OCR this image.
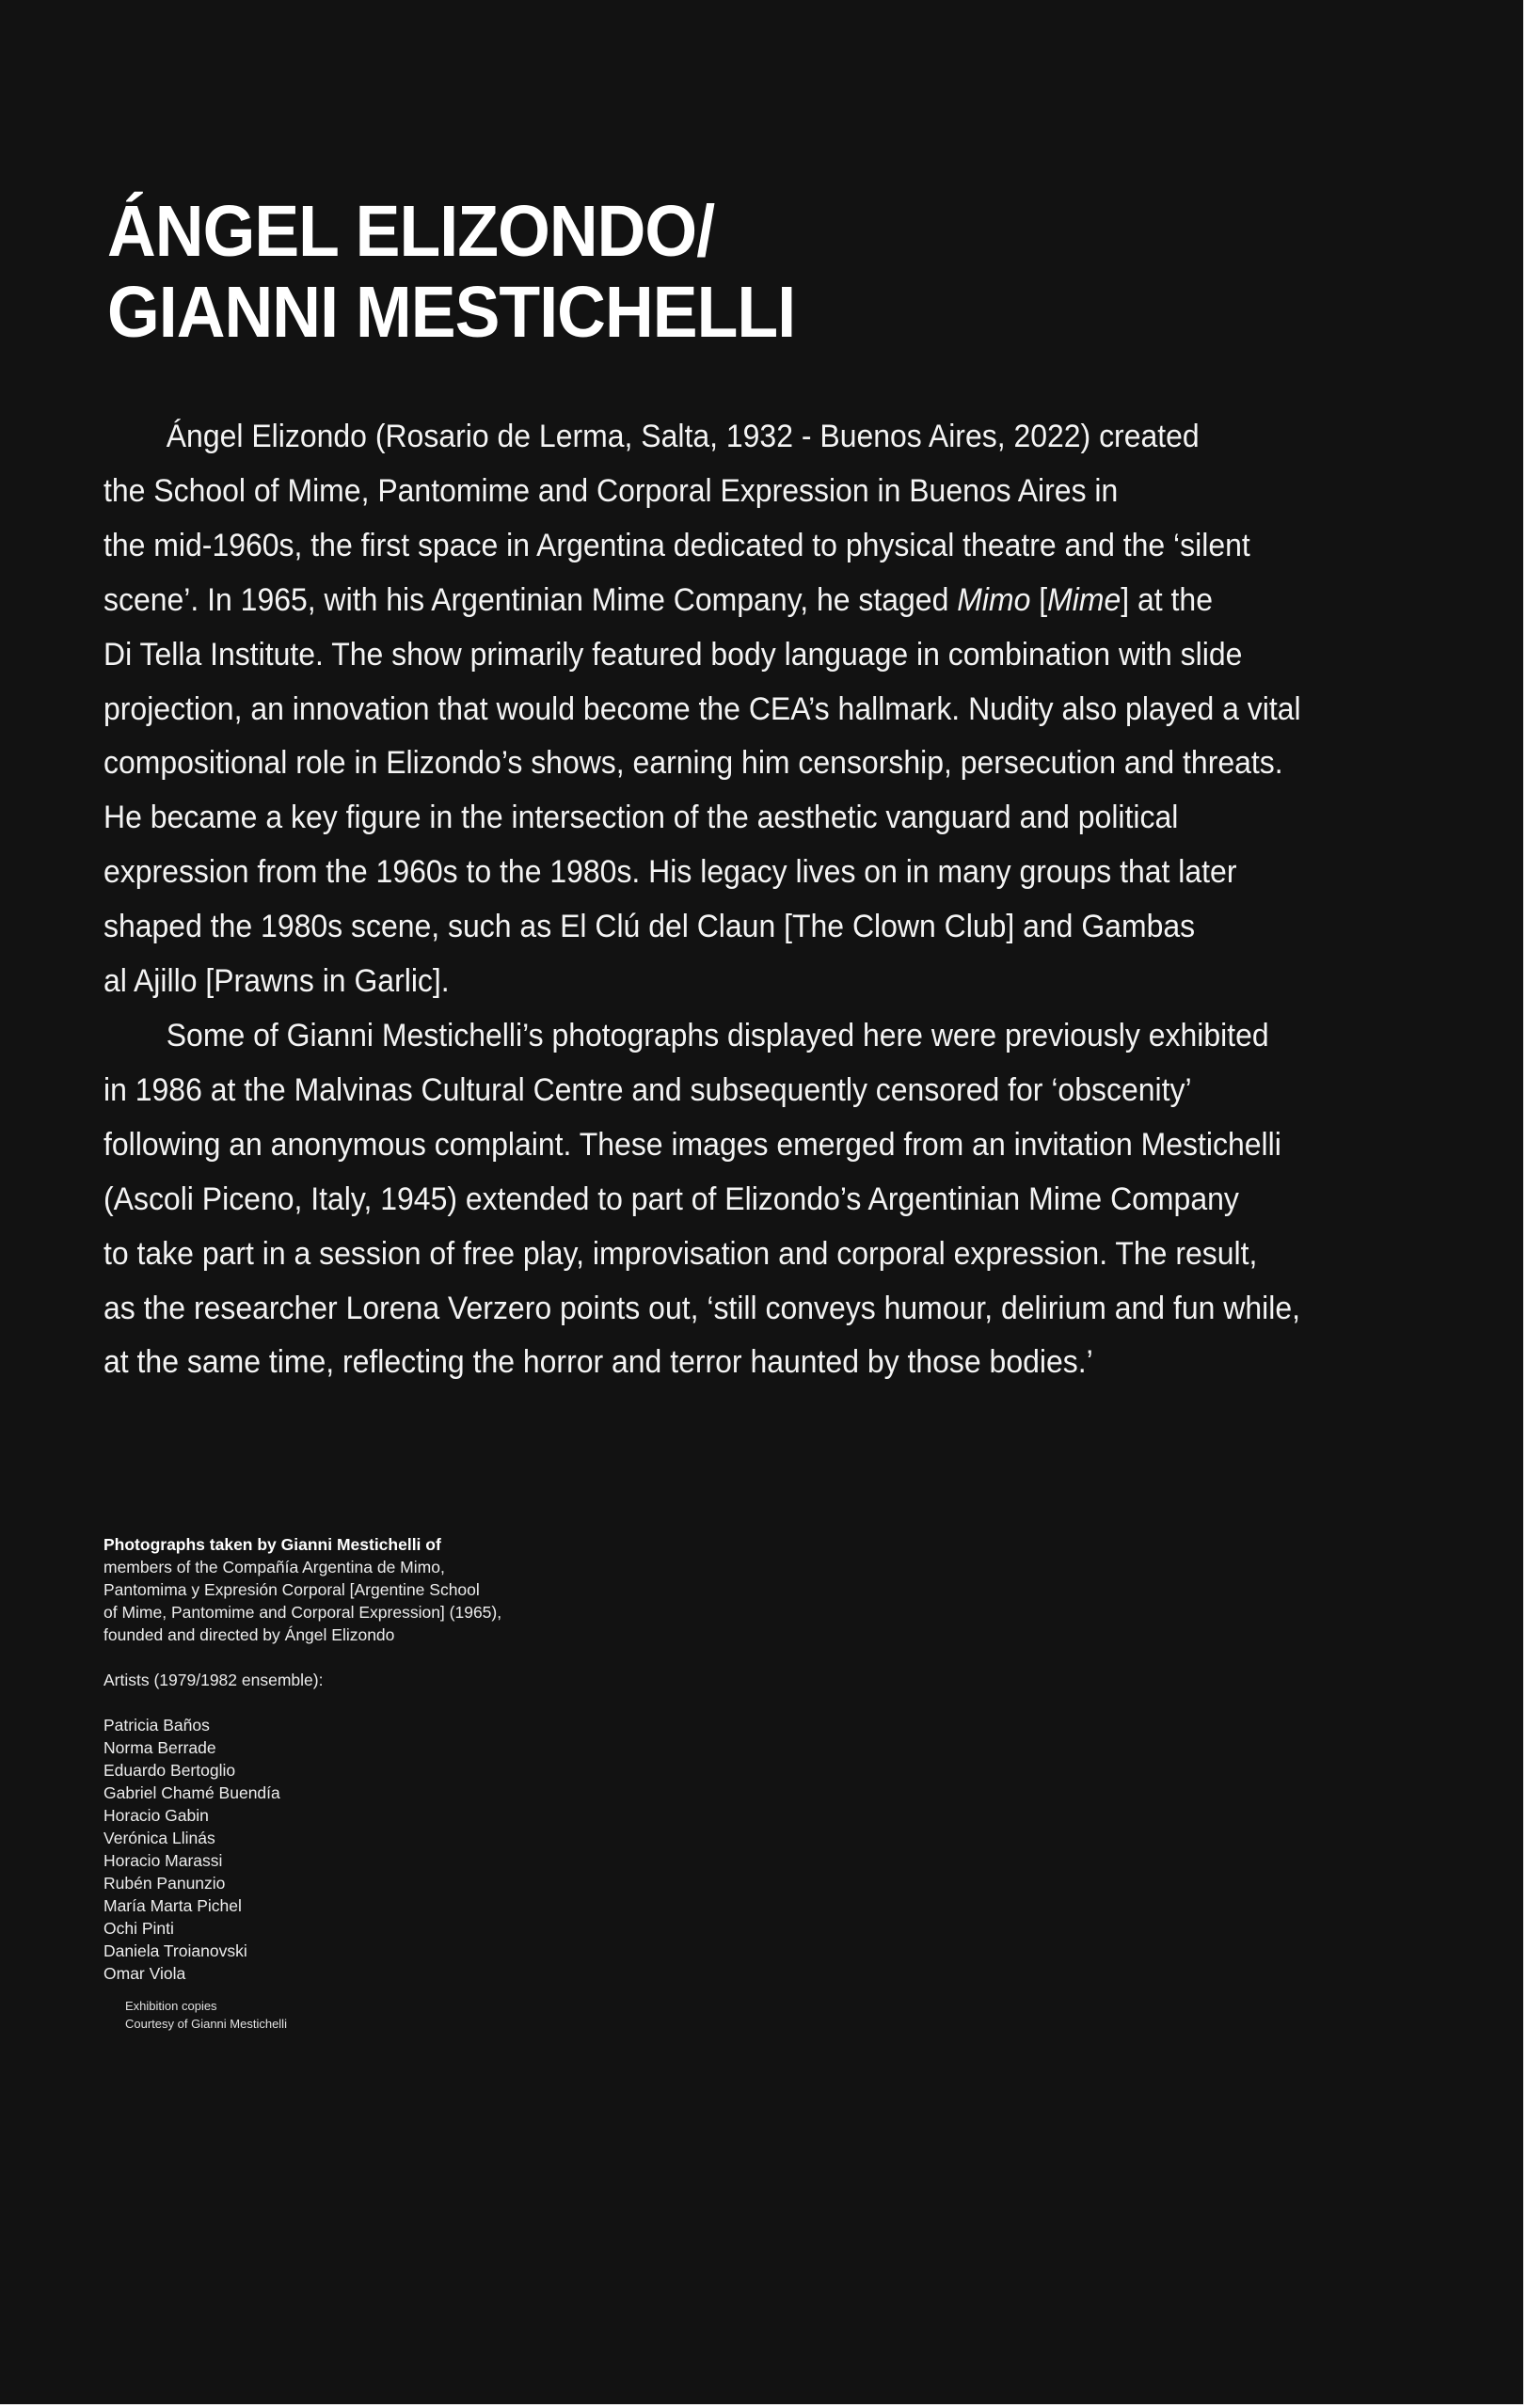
ÁNGEL ELIZONDO/
GIANNI MESTICHELLI

Ángel Elizondo (Rosario de Lerma, Salta, 1932 - Buenos Aires, 2022) created
the School of Mime, Pantomime and Corporal Expression in Buenos Aires in
the mid-1960s, the first space in Argentina dedicated to physical theatre and the ‘silent
scene’. In 1965, with his Argentinian Mime Company, he staged Mimo [Mime] at the
Di Tella Institute. The show primarily featured body language in combination with slide
projection, an innovation that would become the CEA’s hallmark. Nudity also played a vital
compositional role in Elizondo’s shows, earning him censorship, persecution and threats.
He became a key figure in the intersection of the aesthetic vanguard and political
expression from the 1960s to the 1980s. His legacy lives on in many groups that later
shaped the 1980s scene, such as El Clú del Claun [The Clown Club] and Gambas
al Ajillo [Prawns in Garlic].

Some of Gianni Mestichelli’s photographs displayed here were previously exhibited
in 1986 at the Malvinas Cultural Centre and subsequently censored for ‘obscenity’
following an anonymous complaint. These images emerged from an invitation Mestichelli
(Ascoli Piceno, Italy, 1945) extended to part of Elizondo’s Argentinian Mime Company
to take part in a session of free play, improvisation and corporal expression. The result,
as the researcher Lorena Verzero points out, ‘still conveys humour, delirium and fun while,
at the same time, reflecting the horror and terror haunted by those bodies.’

Photographs taken by Gianni Mestichelli of
members of the Compañía Argentina de Mimo,
Pantomima y Expresión Corporal [Argentine School
of Mime, Pantomime and Corporal Expression] (1965),
founded and directed by Ángel Elizondo
Artists (1979/1982 ensemble):
Patricia Baños
Norma Berrade
Eduardo Bertoglio
Gabriel Chamé Buendía
Horacio Gabin
Verónica Llinás
Horacio Marassi
Rubén Panunzio
María Marta Pichel
Ochi Pinti
Daniela Troianovski
Omar Viola
Exhibition copies
Courtesy of Gianni Mestichelli
